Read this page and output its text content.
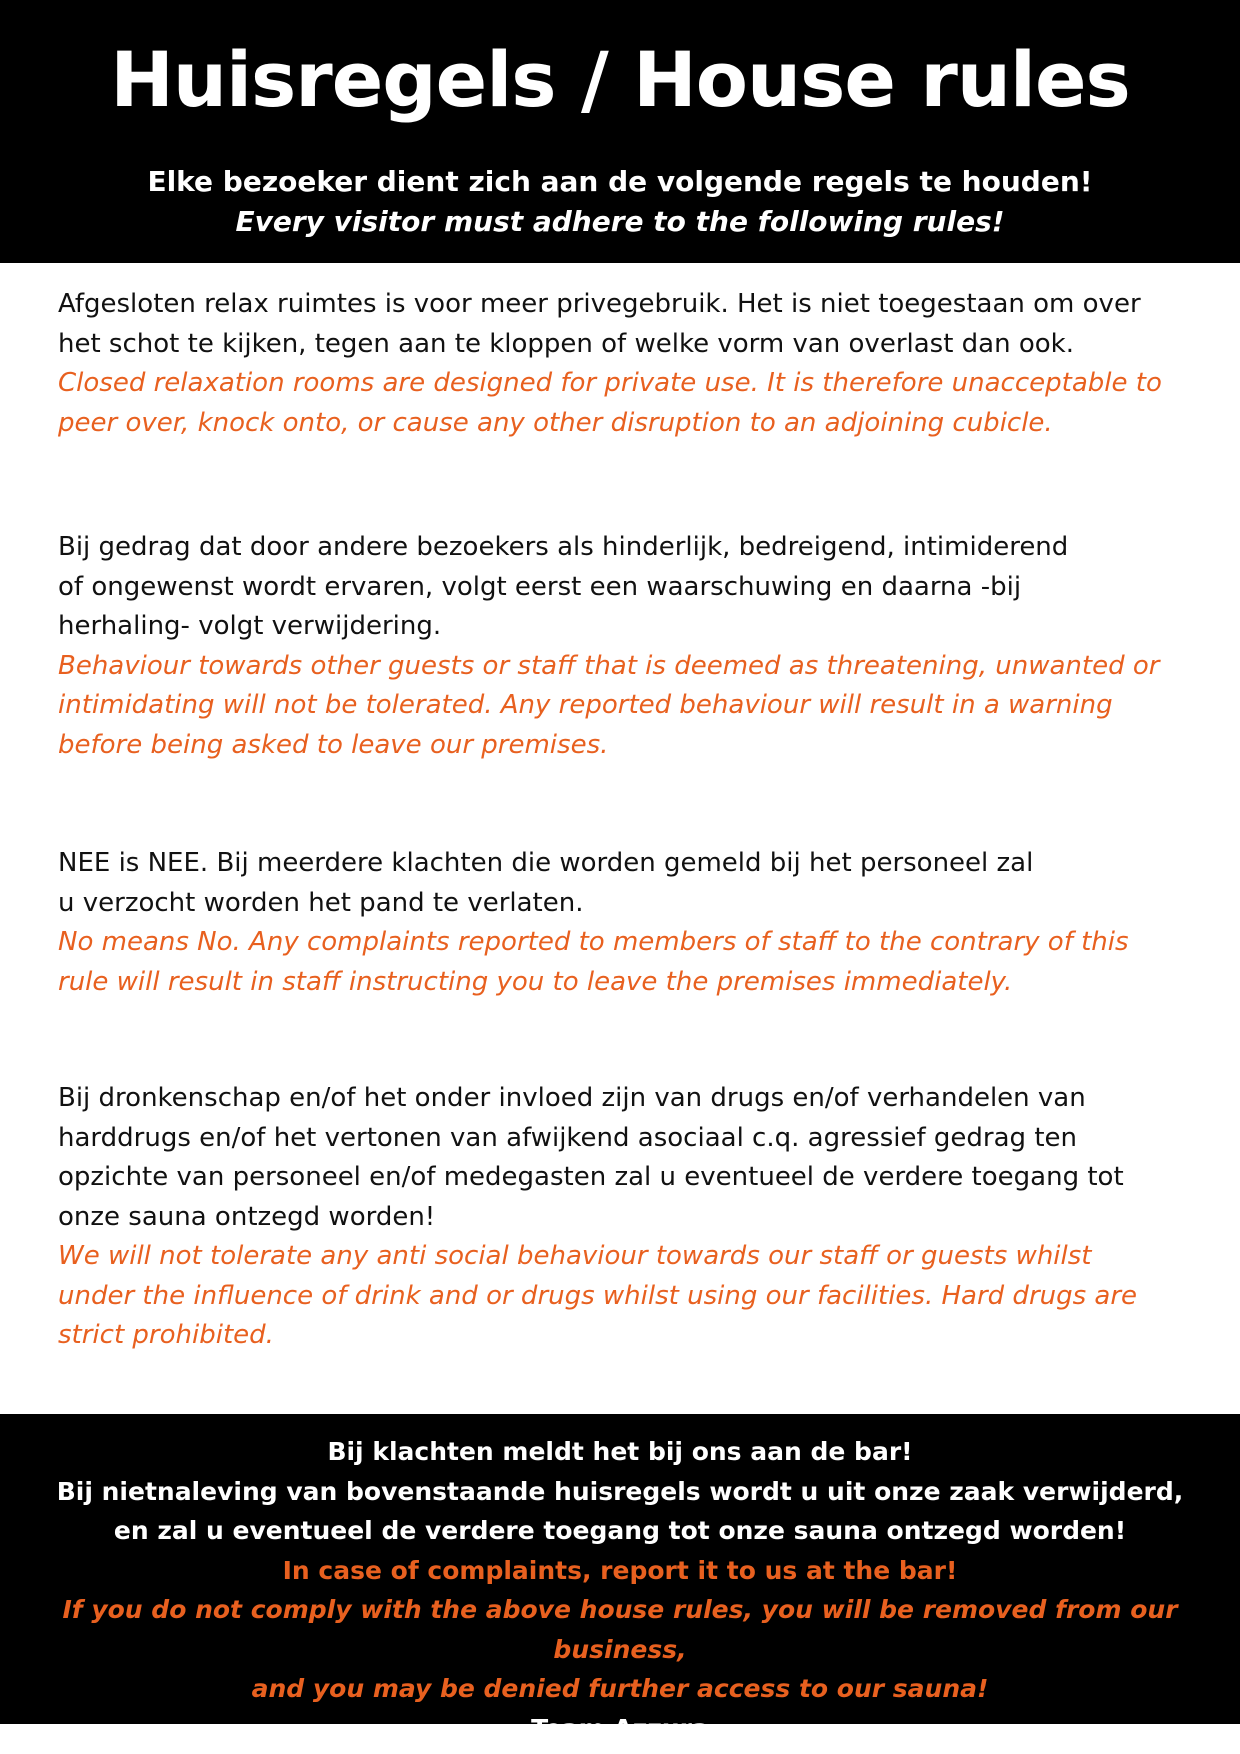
Huisregels / House rules
Elke bezoeker dient zich aan de volgende regels te houden!
Every visitor must adhere to the following rules!

Afgesloten relax ruimtes is voor meer privegebruik. Het is niet toegestaan om over

het schot te kijken, tegen aan te kloppen of welke vorm van overlast dan ook.

Closed relaxation rooms are designed for private use. It is therefore unacceptable to

peer over, knock onto, or cause any other disruption to an adjoining cubicle.

Bij gedrag dat door andere bezoekers als hinderlijk, bedreigend, intimiderend

of ongewenst wordt ervaren, volgt eerst een waarschuwing en daarna -bij

herhaling- volgt verwijdering.

Behaviour towards other guests or staff that is deemed as threatening, unwanted or

intimidating will not be tolerated. Any reported behaviour will result in a warning

before being asked to leave our premises.

NEE is NEE. Bij meerdere klachten die worden gemeld bij het personeel zal

u verzocht worden het pand te verlaten.

No means No. Any complaints reported to members of staff to the contrary of this

rule will result in staff instructing you to leave the premises immediately.

Bij dronkenschap en/of het onder invloed zijn van drugs en/of verhandelen van

harddrugs en/of het vertonen van afwijkend asociaal c.q. agressief gedrag ten

opzichte van personeel en/of medegasten zal u eventueel de verdere toegang tot

onze sauna ontzegd worden!

We will not tolerate any anti social behaviour towards our staff or guests whilst

under the influence of drink and or drugs whilst using our facilities. Hard drugs are

strict prohibited.

Bij klachten meldt het bij ons aan de bar!

Bij nietnaleving van bovenstaande huisregels wordt u uit onze zaak verwijderd,

en zal u eventueel de verdere toegang tot onze sauna ontzegd worden!

In case of complaints, report it to us at the bar!

If you do not comply with the above house rules, you will be removed from our business,

and you may be denied further access to our sauna!

Team Azzura
